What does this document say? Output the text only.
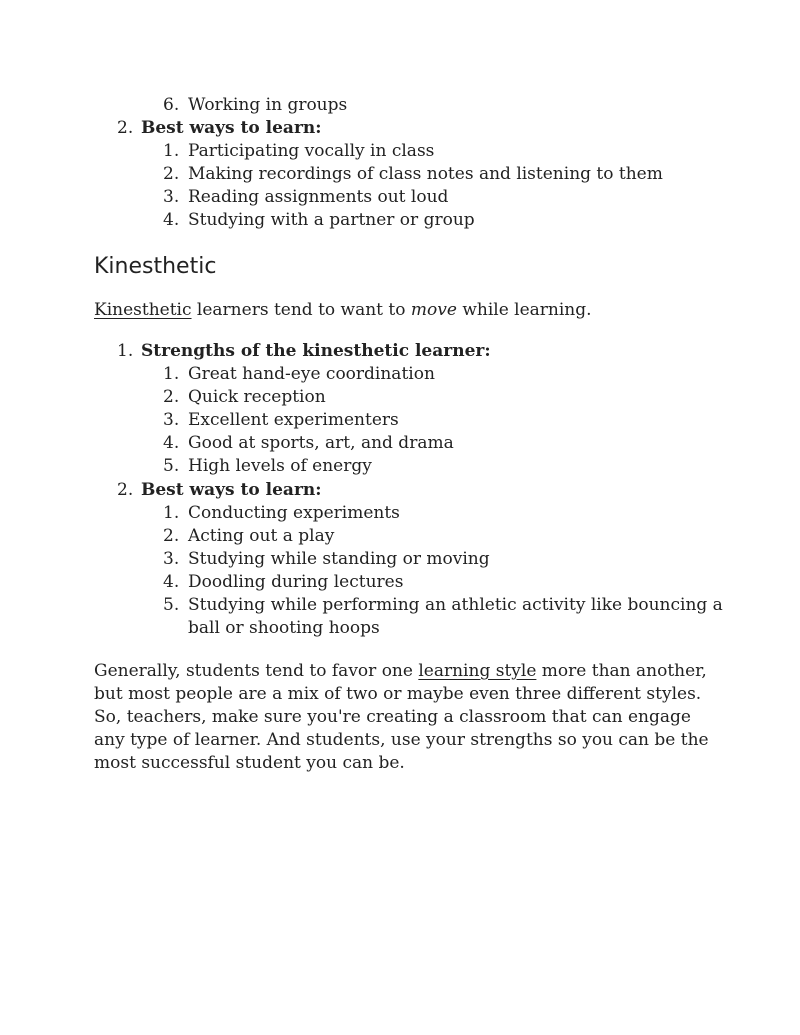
6. Working in groups
2. Best ways to learn:
1. Participating vocally in class
2. Making recordings of class notes and listening to them
3. Reading assignments out loud
4. Studying with a partner or group
Kinesthetic
Kinesthetic learners tend to want to move while learning.
1. Strengths of the kinesthetic learner:
1. Great hand-eye coordination
2. Quick reception
3. Excellent experimenters
4. Good at sports, art, and drama
5. High levels of energy
2. Best ways to learn:
1. Conducting experiments
2. Acting out a play
3. Studying while standing or moving
4. Doodling during lectures
5. Studying while performing an athletic activity like bouncing a
ball or shooting hoops
Generally, students tend to favor one learning style more than another, but most people are a mix of two or maybe even three different styles. So, teachers, make sure you're creating a classroom that can engage any type of learner. And students, use your strengths so you can be the most successful student you can be.
